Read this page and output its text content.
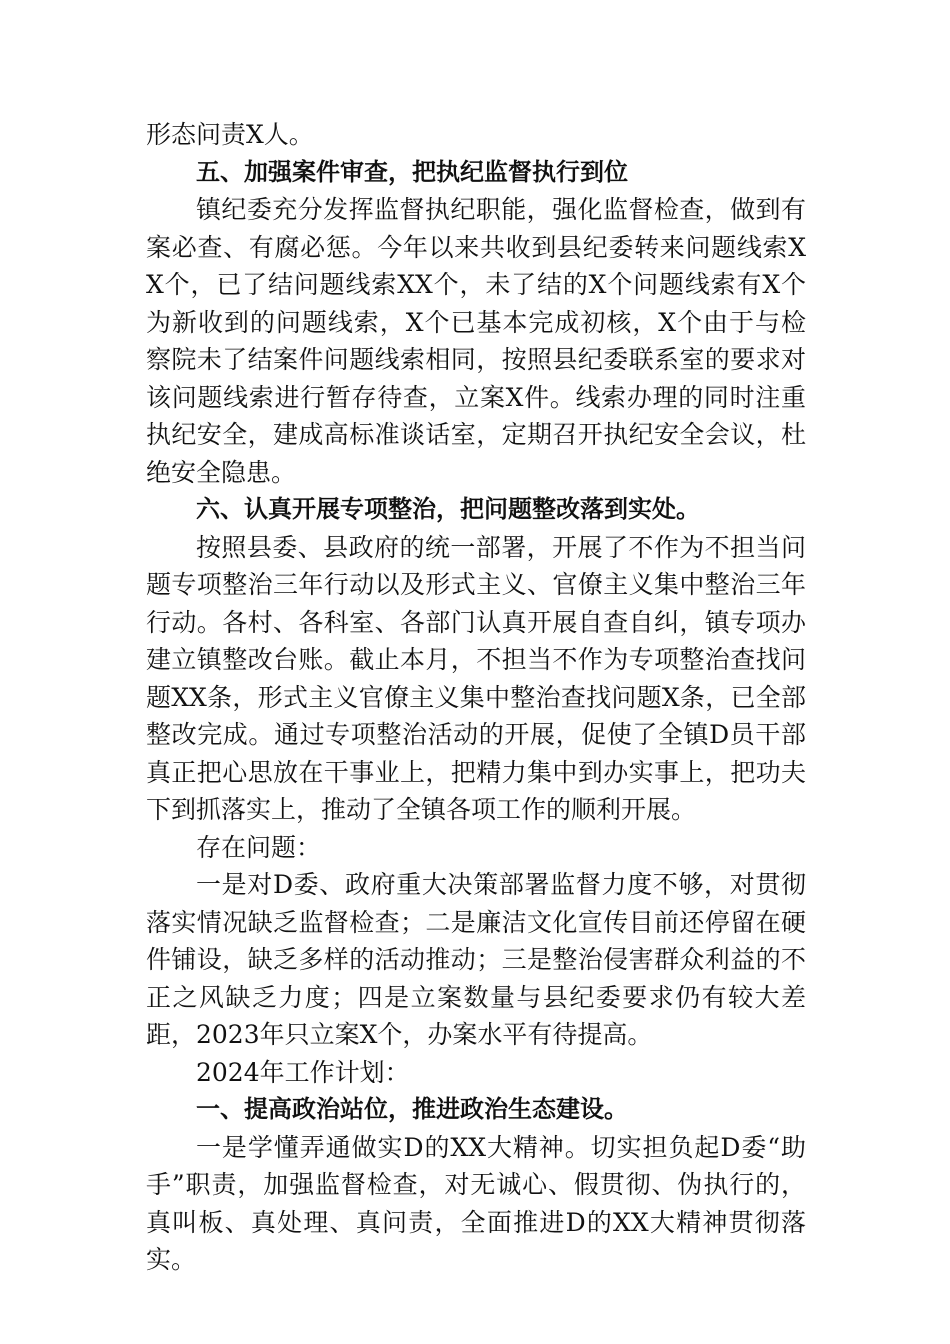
形态问责X人。

五、加强案件审查，把执纪监督执行到位

镇纪委充分发挥监督执纪职能，强化监督检查，做到有案必查、有腐必惩。今年以来共收到县纪委转来问题线索XX个，已了结问题线索XX个，未了结的X个问题线索有X个为新收到的问题线索，X个已基本完成初核，X个由于与检察院未了结案件问题线索相同，按照县纪委联系室的要求对该问题线索进行暂存待查，立案X件。线索办理的同时注重执纪安全，建成高标准谈话室，定期召开执纪安全会议，杜绝安全隐患。

六、认真开展专项整治，把问题整改落到实处。

按照县委、县政府的统一部署，开展了不作为不担当问题专项整治三年行动以及形式主义、官僚主义集中整治三年行动。各村、各科室、各部门认真开展自查自纠，镇专项办建立镇整改台账。截止本月，不担当不作为专项整治查找问题XX条，形式主义官僚主义集中整治查找问题X条，已全部整改完成。通过专项整治活动的开展，促使了全镇D员干部真正把心思放在干事业上，把精力集中到办实事上，把功夫下到抓落实上，推动了全镇各项工作的顺利开展。

存在问题：

一是对D委、政府重大决策部署监督力度不够，对贯彻落实情况缺乏监督检查；二是廉洁文化宣传目前还停留在硬件铺设，缺乏多样的活动推动；三是整治侵害群众利益的不正之风缺乏力度；四是立案数量与县纪委要求仍有较大差距，2023年只立案X个，办案水平有待提高。

2024年工作计划：

一、提高政治站位，推进政治生态建设。

一是学懂弄通做实D的XX大精神。切实担负起D委“助手”职责，加强监督检查，对无诚心、假贯彻、伪执行的，真叫板、真处理、真问责，全面推进D的XX大精神贯彻落实。
